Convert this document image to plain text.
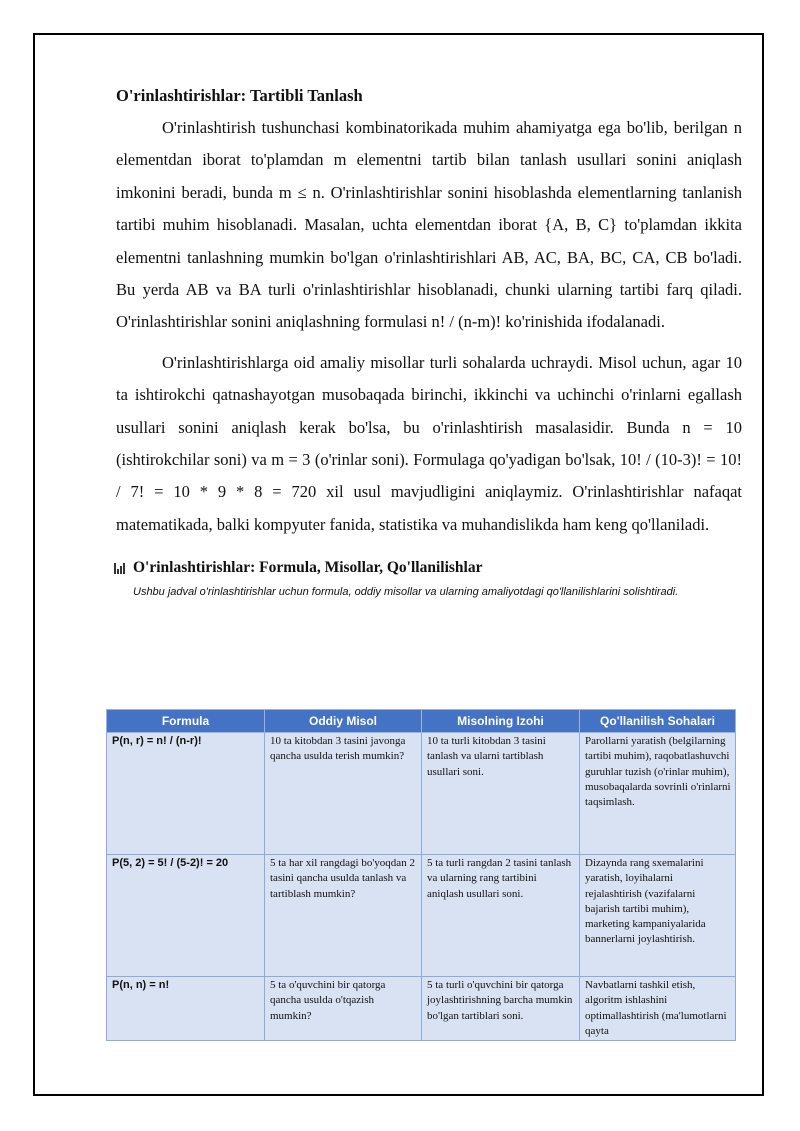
O'rinlashtirishlar: Tartibli Tanlash

O'rinlashtirish tushunchasi kombinatorikada muhim ahamiyatga ega bo'lib, berilgan n elementdan iborat to'plamdan m elementni tartib bilan tanlash usullari sonini aniqlash imkonini beradi, bunda m ≤ n. O'rinlashtirishlar sonini hisoblashda elementlarning tanlanish tartibi muhim hisoblanadi. Masalan, uchta elementdan iborat {A, B, C} to'plamdan ikkita elementni tanlashning mumkin bo'lgan o'rinlashtirishlari AB, AC, BA, BC, CA, CB bo'ladi. Bu yerda AB va BA turli o'rinlashtirishlar hisoblanadi, chunki ularning tartibi farq qiladi. O'rinlashtirishlar sonini aniqlashning formulasi n! / (n-m)! ko'rinishida ifodalanadi.

O'rinlashtirishlarga oid amaliy misollar turli sohalarda uchraydi. Misol uchun, agar 10 ta ishtirokchi qatnashayotgan musobaqada birinchi, ikkinchi va uchinchi o'rinlarni egallash usullari sonini aniqlash kerak bo'lsa, bu o'rinlashtirish masalasidir. Bunda n = 10 (ishtirokchilar soni) va m = 3 (o'rinlar soni). Formulaga qo'yadigan bo'lsak, 10! / (10-3)! = 10! / 7! = 10 * 9 * 8 = 720 xil usul mavjudligini aniqlaymiz. O'rinlashtirishlar nafaqat matematikada, balki kompyuter fanida, statistika va muhandislikda ham keng qo'llaniladi.

O'rinlashtirishlar: Formula, Misollar, Qo'llanilishlar
Ushbu jadval o'rinlashtirishlar uchun formula, oddiy misollar va ularning amaliyotdagi qo'llanilishlarini solishtiradi.
Formula	Oddiy Misol	Misolning Izohi	Qo'llanilish Sohalari
P(n, r) = n! / (n-r)!	10 ta kitobdan 3 tasini javonga qancha usulda terish mumkin?	10 ta turli kitobdan 3 tasini tanlash va ularni tartiblash usullari soni.	Parollarni yaratish (belgilarning tartibi muhim), raqobatlashuvchi guruhlar tuzish (o'rinlar muhim), musobaqalarda sovrinli o'rinlarni taqsimlash.
P(5, 2) = 5! / (5-2)! = 20	5 ta har xil rangdagi bo'yoqdan 2 tasini qancha usulda tanlash va tartiblash mumkin?	5 ta turli rangdan 2 tasini tanlash va ularning rang tartibini aniqlash usullari soni.	Dizaynda rang sxemalarini yaratish, loyihalarni rejalashtirish (vazifalarni bajarish tartibi muhim), marketing kampaniyalarida bannerlarni joylashtirish.
P(n, n) = n!	5 ta o'quvchini bir qatorga qancha usulda o'tqazish mumkin?	5 ta turli o'quvchini bir qatorga joylashtirishning barcha mumkin bo'lgan tartiblari soni.	Navbatlarni tashkil etish, algoritm ishlashini optimallashtirish (ma'lumotlarni qayta
